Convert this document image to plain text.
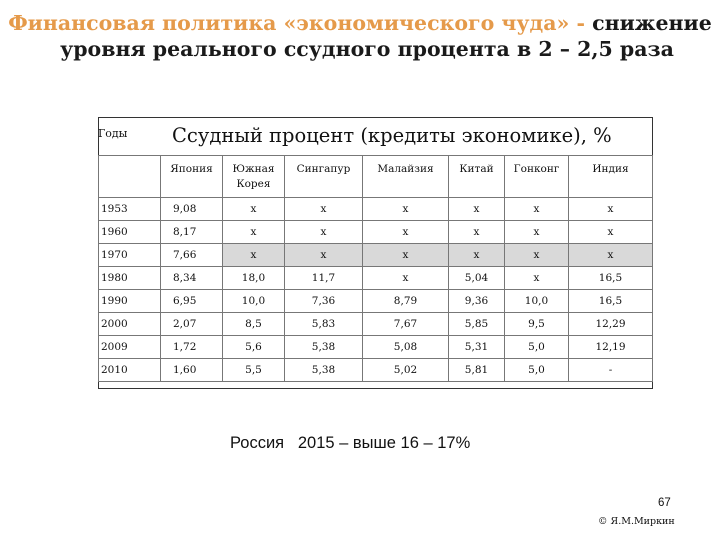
Финансовая политика «экономического чуда» - снижение
уровня реального ссудного процента в 2 – 2,5 раза
Годы Ссудный процент (кредиты экономике), %
	Япония	Южная Корея	Сингапур	Малайзия	Китай	Гонконг	Индия
1953	9,08	x	x	x	x	x	x
1960	8,17	x	x	x	x	x	x
1970	7,66	x	x	x	x	x	x
1980	8,34	18,0	11,7	x	5,04	x	16,5
1990	6,95	10,0	7,36	8,79	9,36	10,0	16,5
2000	2,07	8,5	5,83	7,67	5,85	9,5	12,29
2009	1,72	5,6	5,38	5,08	5,31	5,0	12,19
2010	1,60	5,5	5,38	5,02	5,81	5,0	-
Россия   2015 – выше 16 – 17%
67
© Я.М.Миркин
